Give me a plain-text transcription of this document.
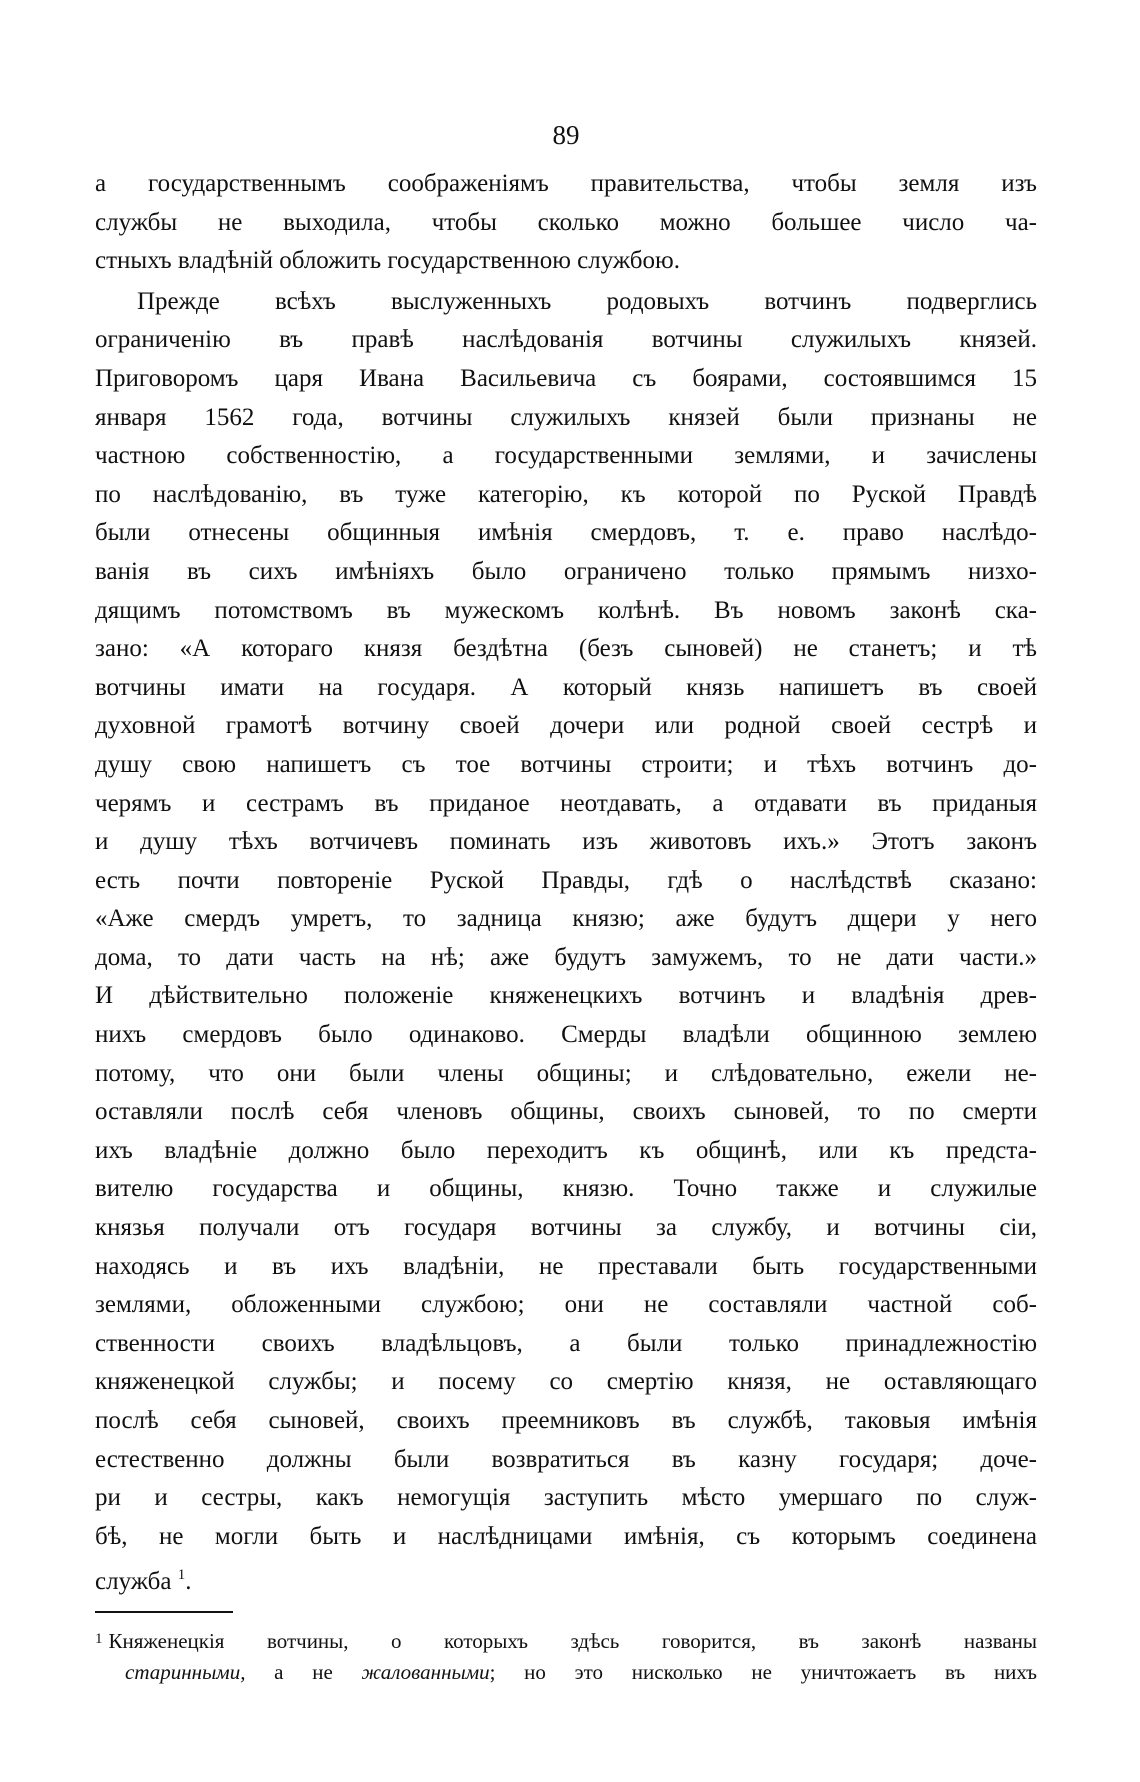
89
а государственнымъ соображеніямъ правительства, чтобы земля изъ
службы не выходила, чтобы сколько можно большее число ча-
стныхъ владѣній обложить государственною службою.
Прежде всѣхъ выслуженныхъ родовыхъ вотчинъ подверглись
ограниченію въ правѣ наслѣдованія вотчины служилыхъ князей.
Приговоромъ царя Ивана Васильевича съ боярами, состоявшимся 15
января 1562 года, вотчины служилыхъ князей были признаны не
частною собственностію, а государственными землями, и зачислены
по наслѣдованію, въ туже категорію, къ которой по Руской Правдѣ
были отнесены общинныя имѣнія смердовъ, т. е. право наслѣдо-
ванія въ сихъ имѣніяхъ было ограничено только прямымъ низхо-
дящимъ потомствомъ въ мужескомъ колѣнѣ. Въ новомъ законѣ ска-
зано: «А котораго князя бездѣтна (безъ сыновей) не станетъ; и тѣ
вотчины имати на государя. А который князь напишетъ въ своей
духовной грамотѣ вотчину своей дочери или родной своей сестрѣ и
душу свою напишетъ съ тое вотчины строити; и тѣхъ вотчинъ до-
черямъ и сестрамъ въ приданое неотдавать, а отдавати въ приданыя
и душу тѣхъ вотчичевъ поминать изъ животовъ ихъ.» Этотъ законъ
есть почти повтореніе Руской Правды, гдѣ о наслѣдствѣ сказано:
«Аже смердъ умретъ, то задница князю; аже будутъ дщери у него
дома, то дати часть на нѣ; аже будутъ замужемъ, то не дати части.»
И дѣйствительно положеніе княженецкихъ вотчинъ и владѣнія древ-
нихъ смердовъ было одинаково. Смерды владѣли общинною землею
потому, что они были члены общины; и слѣдовательно, ежели не-
оставляли послѣ себя членовъ общины, своихъ сыновей, то по смерти
ихъ владѣніе должно было переходитъ къ общинѣ, или къ предста-
вителю государства и общины, князю. Точно также и служилые
князья получали отъ государя вотчины за службу, и вотчины сіи,
находясь и въ ихъ владѣніи, не преставали быть государственными
землями, обложенными службою; они не составляли частной соб-
ственности своихъ владѣльцовъ, а были только принадлежностію
княженецкой службы; и посему со смертію князя, не оставляющаго
послѣ себя сыновей, своихъ преемниковъ въ службѣ, таковыя имѣнія
естественно должны были возвратиться въ казну государя; доче-
ри и сестры, какъ немогущія заступить мѣсто умершаго по служ-
бѣ, не могли быть и наслѣдницами имѣнія, съ которымъ соединена
служба $^1$.
$^1$ Княженецкія вотчины, о которыхъ здѣсь говорится, въ законѣ названы
старинными, а не жалованными; но это нисколько не уничтожаетъ въ нихъ
